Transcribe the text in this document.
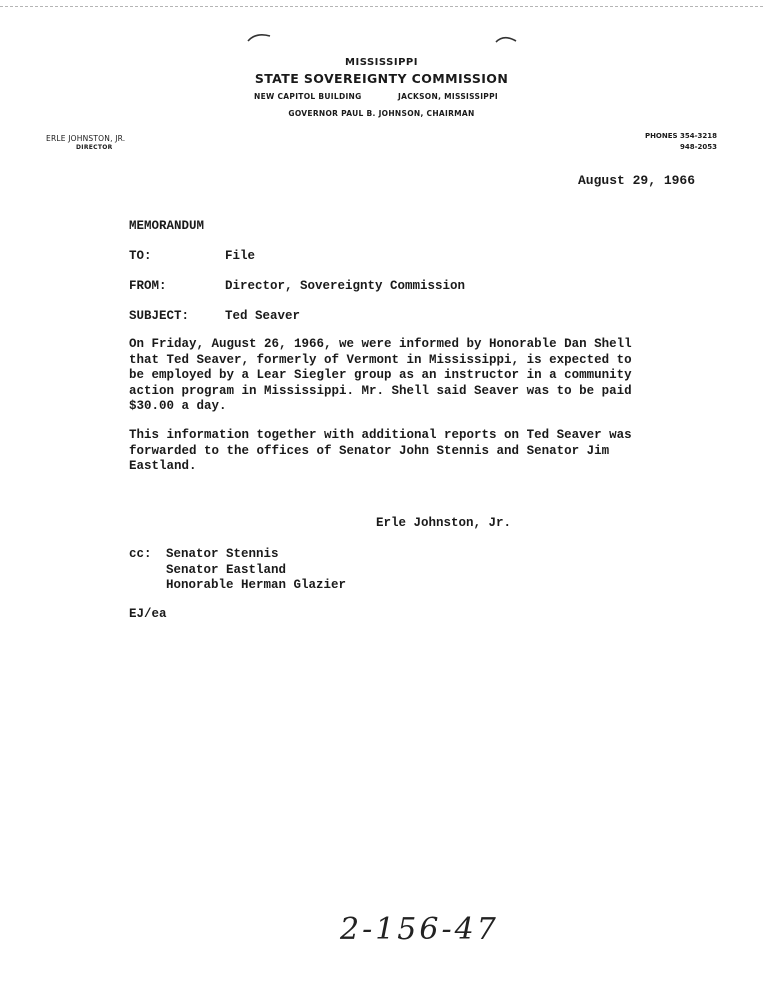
MISSISSIPPI
STATE SOVEREIGNTY COMMISSION
NEW CAPITOL BUILDING	JACKSON, MISSISSIPPI
GOVERNOR PAUL B. JOHNSON, CHAIRMAN
ERLE JOHNSTON, JR.
DIRECTOR
PHONES 354-3218
948-2053
August 29, 1966
MEMORANDUM
TO:	File
FROM:	Director, Sovereignty Commission
SUBJECT:	Ted Seaver
On Friday, August 26, 1966, we were informed by Honorable Dan Shell
that Ted Seaver, formerly of Vermont in Mississippi, is expected to
be employed by a Lear Siegler group as an instructor in a community
action program in Mississippi. Mr. Shell said Seaver was to be paid
$30.00 a day.
This information together with additional reports on Ted Seaver was
forwarded to the offices of Senator John Stennis and Senator Jim
Eastland.
Erle Johnston, Jr.
cc: Senator Stennis
Senator Eastland
Honorable Herman Glazier
EJ/ea
2-156-47
